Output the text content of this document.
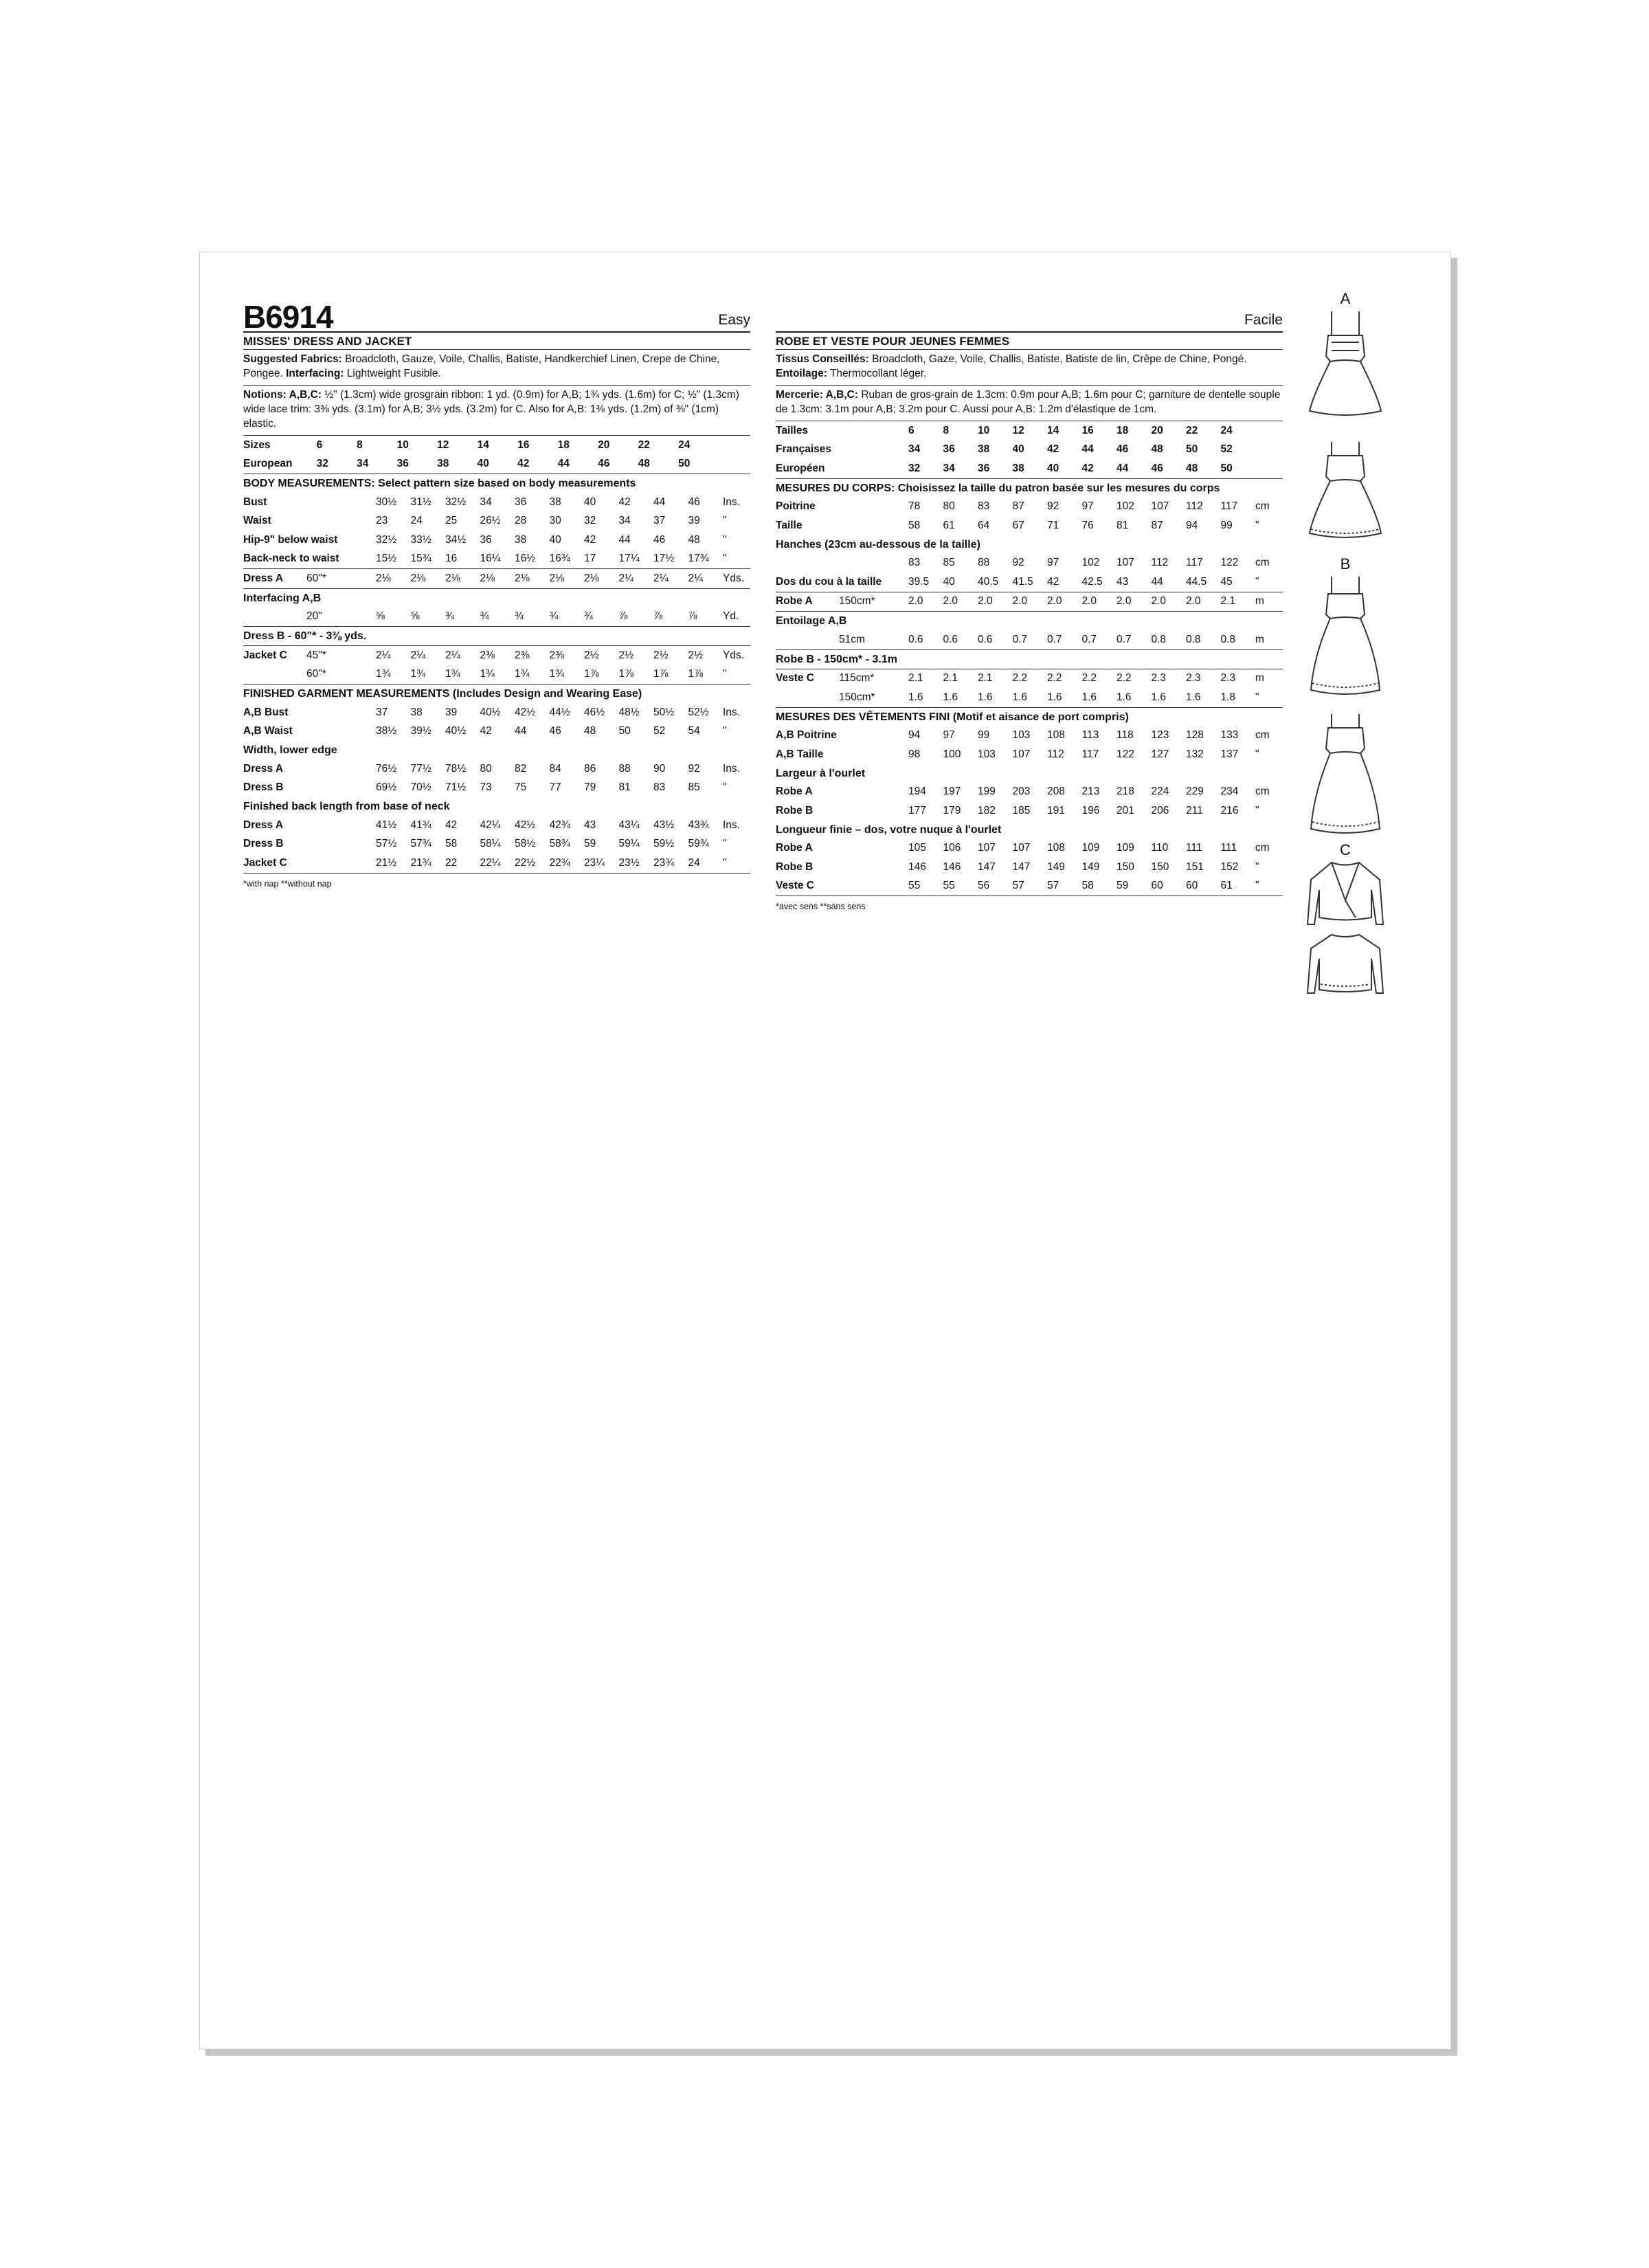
B6914	Easy
MISSES' DRESS AND JACKET
Suggested Fabrics: Broadcloth, Gauze, Voile, Challis, Batiste, Handkerchief Linen, Crepe de Chine, Pongee. Interfacing: Lightweight Fusible.
Notions: A,B,C: ½" (1.3cm) wide grosgrain ribbon: 1 yd. (0.9m) for A,B; 1¾ yds. (1.6m) for C; ½" (1.3cm) wide lace trim: 3⅜ yds. (3.1m) for A,B; 3½ yds. (3.2m) for C. Also for A,B: 1⅜ yds. (1.2m) of ⅜" (1cm) elastic.
Sizes		6	8	10	12	14	16	18	20	22	24	
European		32	34	36	38	40	42	44	46	48	50	
BODY MEASUREMENTS: Select pattern size based on body measurements
Bust		30½	31½	32½	34	36	38	40	42	44	46	Ins.
Waist		23	24	25	26½	28	30	32	34	37	39	"
Hip-9" below waist		32½	33½	34½	36	38	40	42	44	46	48	"
Back-neck to waist		15½	15¾	16	16¼	16½	16¾	17	17¼	17½	17¾	"
Dress A	60"*	2⅛	2⅛	2⅛	2⅛	2⅛	2⅛	2⅛	2¼	2¼	2¼	Yds.
Interfacing A,B
	20"	⅝	⅝	¾	¾	¾	¾	¾	⅞	⅞	⅞	Yd.
Dress B - 60"* - 3⅜ yds.
Jacket C	45"*	2¼	2¼	2¼	2⅜	2⅜	2⅜	2½	2½	2½	2½	Yds.
	60"*	1¾	1¾	1¾	1¾	1¾	1¾	1⅞	1⅞	1⅞	1⅞	"
FINISHED GARMENT MEASUREMENTS (Includes Design and Wearing Ease)
A,B Bust		37	38	39	40½	42½	44½	46½	48½	50½	52½	Ins.
A,B Waist		38½	39½	40½	42	44	46	48	50	52	54	"
Width, lower edge
Dress A		76½	77½	78½	80	82	84	86	88	90	92	Ins.
Dress B		69½	70½	71½	73	75	77	79	81	83	85	"
Finished back length from base of neck
Dress A		41½	41¾	42	42¼	42½	42¾	43	43¼	43½	43¾	Ins.
Dress B		57½	57¾	58	58¼	58½	58¾	59	59¼	59½	59¾	"
Jacket C		21½	21¾	22	22¼	22½	22¾	23¼	23½	23¾	24	"
*with nap **without nap
Facile
ROBE ET VESTE POUR JEUNES FEMMES
Tissus Conseillés: Broadcloth, Gaze, Voile, Challis, Batiste, Batiste de lin, Crêpe de Chine, Pongé.
Entoilage: Thermocollant léger.
Mercerie: A,B,C: Ruban de gros-grain de 1.3cm: 0.9m pour A,B; 1.6m pour C; garniture de dentelle souple de 1.3cm: 3.1m pour A,B; 3.2m pour C. Aussi pour A,B: 1.2m d'élastique de 1cm.
Tailles		6	8	10	12	14	16	18	20	22	24	
Françaises		34	36	38	40	42	44	46	48	50	52	
Européen		32	34	36	38	40	42	44	46	48	50	
MESURES DU CORPS: Choisissez la taille du patron basée sur les mesures du corps
Poitrine		78	80	83	87	92	97	102	107	112	117	cm
Taille		58	61	64	67	71	76	81	87	94	99	"
Hanches (23cm au-dessous de la taille)
		83	85	88	92	97	102	107	112	117	122	cm
Dos du cou à la taille		39.5	40	40.5	41.5	42	42.5	43	44	44.5	45	"
Robe A	150cm*	2.0	2.0	2.0	2.0	2.0	2.0	2.0	2.0	2.0	2.1	m
Entoilage A,B
	51cm	0.6	0.6	0.6	0.7	0.7	0.7	0.7	0.8	0.8	0.8	m
Robe B - 150cm* - 3.1m
Veste C	115cm*	2.1	2.1	2.1	2.2	2.2	2.2	2.2	2.3	2.3	2.3	m
	150cm*	1.6	1.6	1.6	1.6	1.6	1.6	1.6	1.6	1.6	1.8	"
MESURES DES VÊTEMENTS FINI (Motif et aisance de port compris)
A,B Poitrine		94	97	99	103	108	113	118	123	128	133	cm
A,B Taille		98	100	103	107	112	117	122	127	132	137	"
Largeur à l'ourlet
Robe A		194	197	199	203	208	213	218	224	229	234	cm
Robe B		177	179	182	185	191	196	201	206	211	216	"
Longueur finie – dos, votre nuque à l'ourlet
Robe A		105	106	107	107	108	109	109	110	111	111	cm
Robe B		146	146	147	147	149	149	150	150	151	152	"
Veste C		55	55	56	57	57	58	59	60	60	61	"
*avec sens **sans sens
A
B
C
